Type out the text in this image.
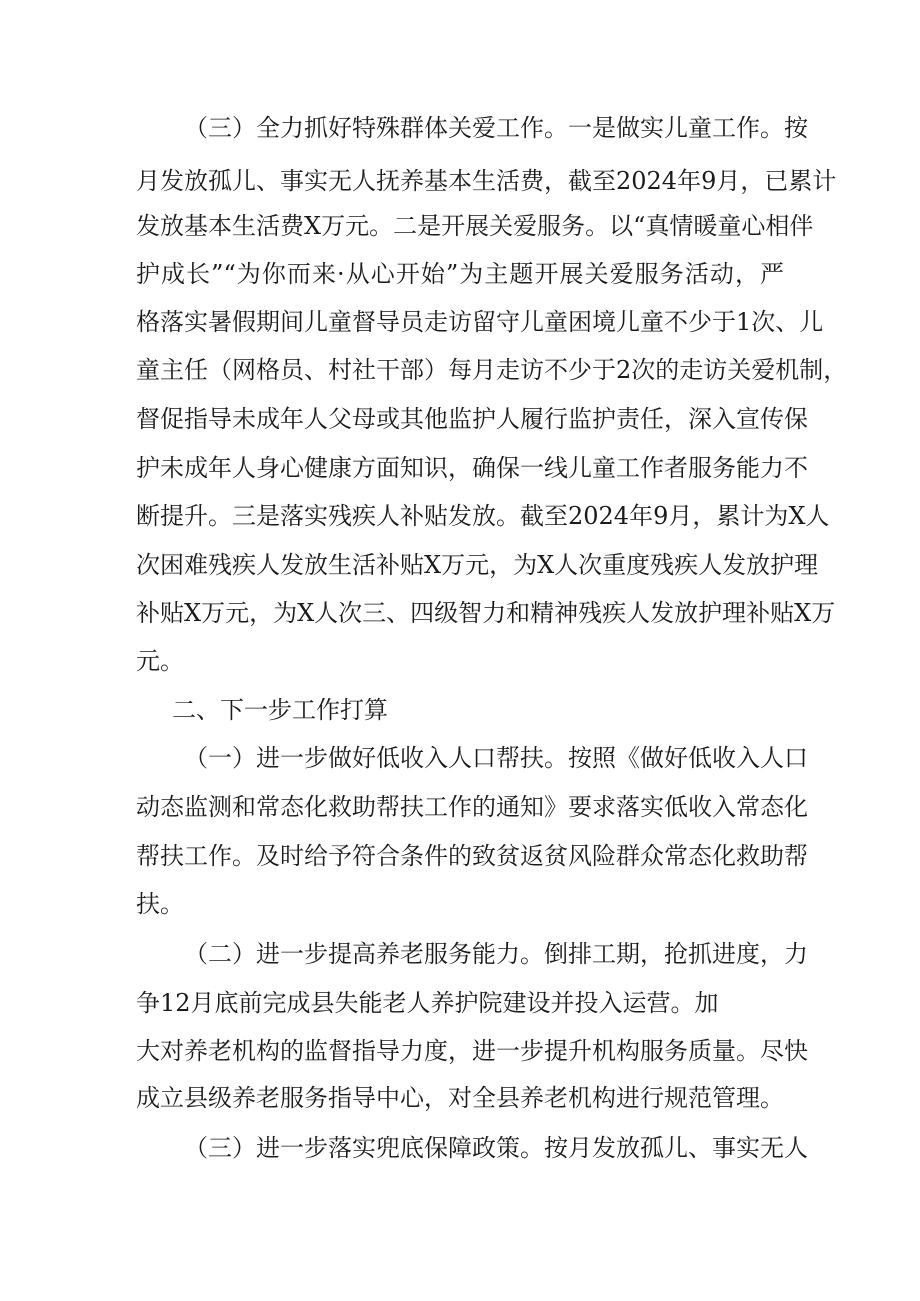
（三）全力抓好特殊群体关爱工作。一是做实儿童工作。按
月发放孤儿、事实无人抚养基本生活费，截至2024年9月，已累计
发放基本生活费X万元。二是开展关爱服务。以“真情暖童心相伴
护成长”“为你而来·从心开始”为主题开展关爱服务活动，严
格落实暑假期间儿童督导员走访留守儿童困境儿童不少于1次、儿
童主任（网格员、村社干部）每月走访不少于2次的走访关爱机制，
督促指导未成年人父母或其他监护人履行监护责任，深入宣传保
护未成年人身心健康方面知识，确保一线儿童工作者服务能力不
断提升。三是落实残疾人补贴发放。截至2024年9月，累计为X人
次困难残疾人发放生活补贴X万元，为X人次重度残疾人发放护理
补贴X万元，为X人次三、四级智力和精神残疾人发放护理补贴X万
元。
二、下一步工作打算
（一）进一步做好低收入人口帮扶。按照《做好低收入人口
动态监测和常态化救助帮扶工作的通知》要求落实低收入常态化
帮扶工作。及时给予符合条件的致贫返贫风险群众常态化救助帮
扶。
（二）进一步提高养老服务能力。倒排工期，抢抓进度，力
争12月底前完成县失能老人养护院建设并投入运营。加
大对养老机构的监督指导力度，进一步提升机构服务质量。尽快
成立县级养老服务指导中心，对全县养老机构进行规范管理。
（三）进一步落实兜底保障政策。按月发放孤儿、事实无人
